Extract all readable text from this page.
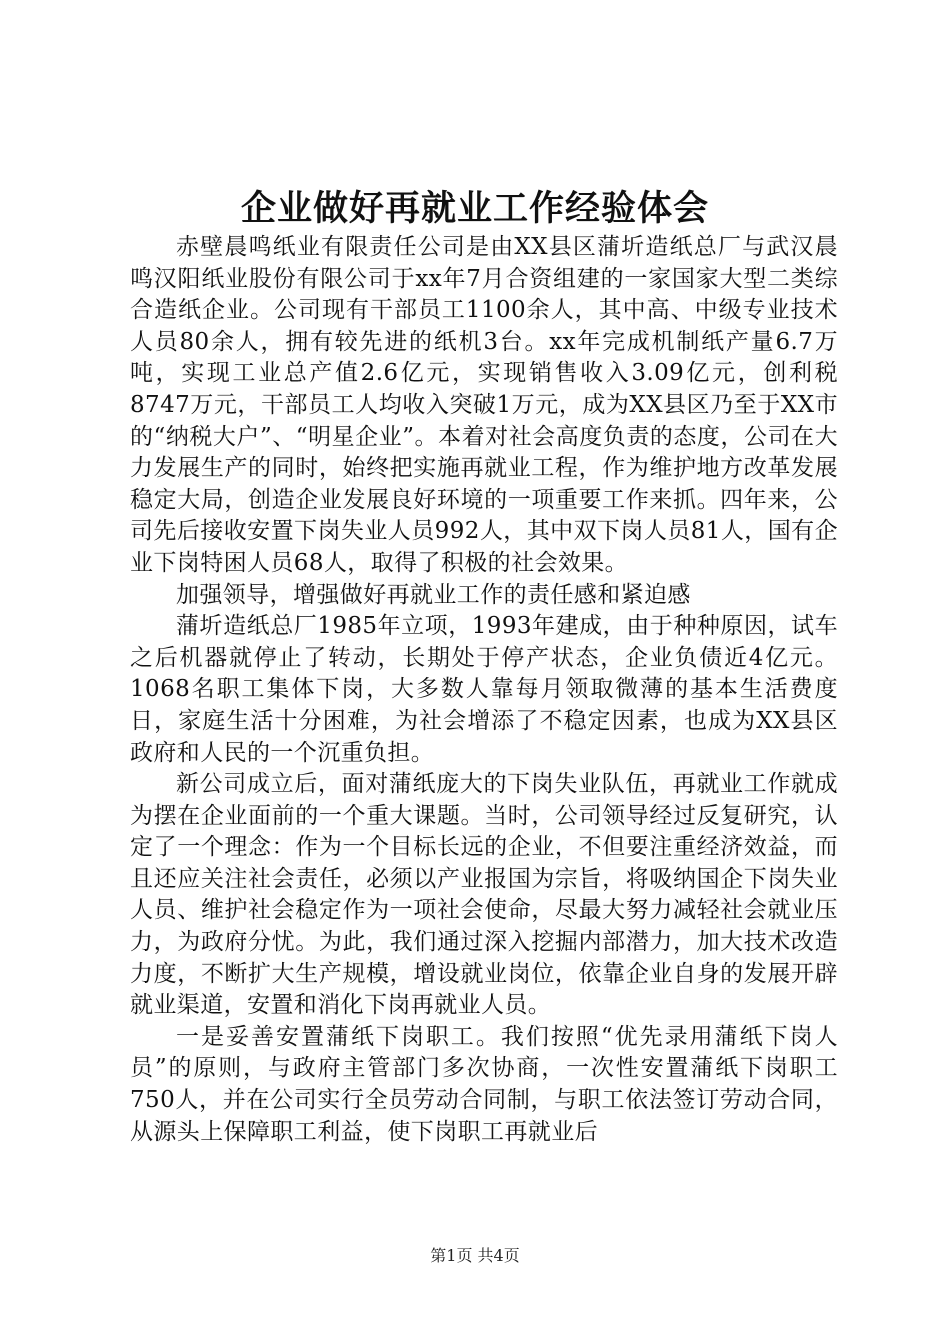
企业做好再就业工作经验体会

赤壁晨鸣纸业有限责任公司是由XX县区蒲圻造纸总厂与武汉晨鸣汉阳纸业股份有限公司于xx年7月合资组建的一家国家大型二类综合造纸企业。公司现有干部员工1100余人，其中高、中级专业技术人员80余人，拥有较先进的纸机3台。xx年完成机制纸产量6.7万吨，实现工业总产值2.6亿元，实现销售收入3.09亿元，创利税8747万元，干部员工人均收入突破1万元，成为XX县区乃至于XX市的“纳税大户”、“明星企业”。本着对社会高度负责的态度，公司在大力发展生产的同时，始终把实施再就业工程，作为维护地方改革发展稳定大局，创造企业发展良好环境的一项重要工作来抓。四年来，公司先后接收安置下岗失业人员992人，其中双下岗人员81人，国有企业下岗特困人员68人，取得了积极的社会效果。

加强领导，增强做好再就业工作的责任感和紧迫感

蒲圻造纸总厂1985年立项，1993年建成，由于种种原因，试车之后机器就停止了转动，长期处于停产状态，企业负债近4亿元。1068名职工集体下岗，大多数人靠每月领取微薄的基本生活费度日，家庭生活十分困难，为社会增添了不稳定因素，也成为XX县区政府和人民的一个沉重负担。

新公司成立后，面对蒲纸庞大的下岗失业队伍，再就业工作就成为摆在企业面前的一个重大课题。当时，公司领导经过反复研究，认定了一个理念：作为一个目标长远的企业，不但要注重经济效益，而且还应关注社会责任，必须以产业报国为宗旨，将吸纳国企下岗失业人员、维护社会稳定作为一项社会使命，尽最大努力减轻社会就业压力，为政府分忧。为此，我们通过深入挖掘内部潜力，加大技术改造力度，不断扩大生产规模，增设就业岗位，依靠企业自身的发展开辟就业渠道，安置和消化下岗再就业人员。

一是妥善安置蒲纸下岗职工。我们按照“优先录用蒲纸下岗人员”的原则，与政府主管部门多次协商，一次性安置蒲纸下岗职工750人，并在公司实行全员劳动合同制，与职工依法签订劳动合同，从源头上保障职工利益，使下岗职工再就业后

第1页 共4页
